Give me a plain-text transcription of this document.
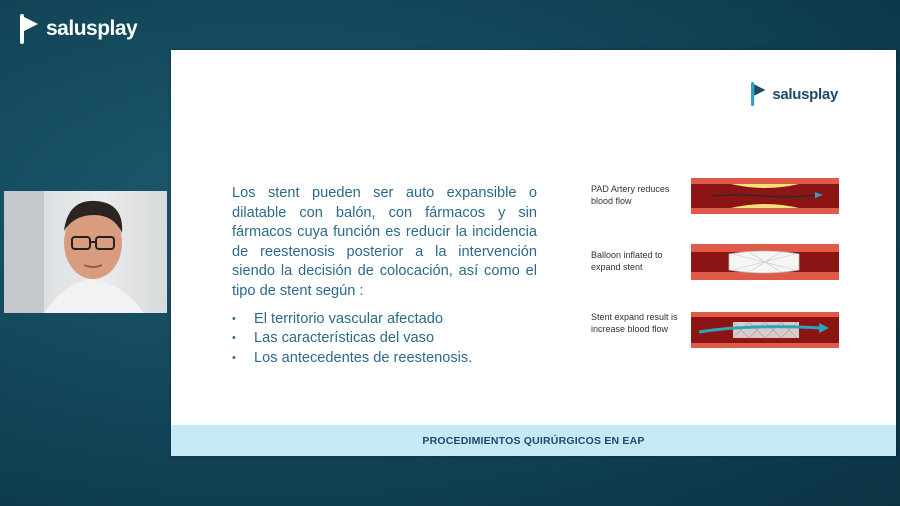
salusplay
salusplay
Los stent pueden ser auto expansible o dilatable con balón, con fármacos y sin fármacos cuya función es reducir la incidencia de reestenosis posterior a la intervención siendo la decisión de colocación, así como el tipo de stent según :
• El territorio vascular afectado
• Las características del vaso
• Los antecedentes de reestenosis.
PAD Artery reduces blood flow
Balloon inflated to expand stent
Stent expand result is increase blood flow
PROCEDIMIENTOS QUIRÚRGICOS EN EAP
